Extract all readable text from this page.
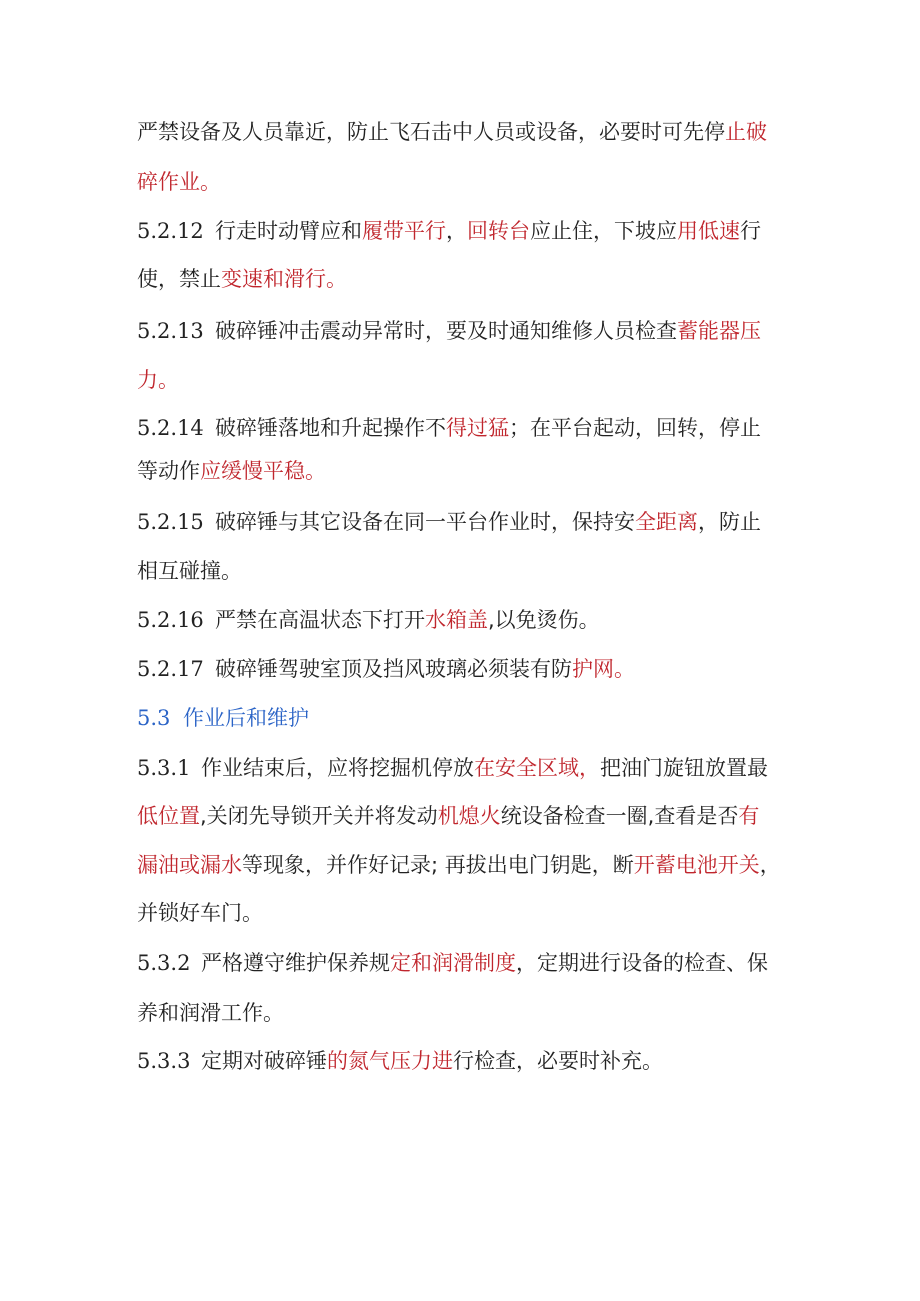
严禁设备及人员靠近，防止飞石击中人员或设备，必要时可先停止破
碎作业。
5.2.12 行走时动臂应和履带平行，回转台应止住，下坡应用低速行
使，禁止变速和滑行。
5.2.13 破碎锤冲击震动异常时，要及时通知维修人员检查蓄能器压
力。
5.2.14 破碎锤落地和升起操作不得过猛；在平台起动，回转，停止
等动作应缓慢平稳。
5.2.15 破碎锤与其它设备在同一平台作业时，保持安全距离，防止
相互碰撞。
5.2.16 严禁在高温状态下打开水箱盖,以免烫伤。
5.2.17 破碎锤驾驶室顶及挡风玻璃必须装有防护网。
5.3 作业后和维护
5.3.1 作业结束后，应将挖掘机停放在安全区域，把油门旋钮放置最
低位置,关闭先导锁开关并将发动机熄火统设备检查一圈,查看是否有
漏油或漏水等现象，并作好记录; 再拔出电门钥匙，断开蓄电池开关，
并锁好车门。
5.3.2 严格遵守维护保养规定和润滑制度，定期进行设备的检查、保
养和润滑工作。
5.3.3 定期对破碎锤的氮气压力进行检查，必要时补充。
